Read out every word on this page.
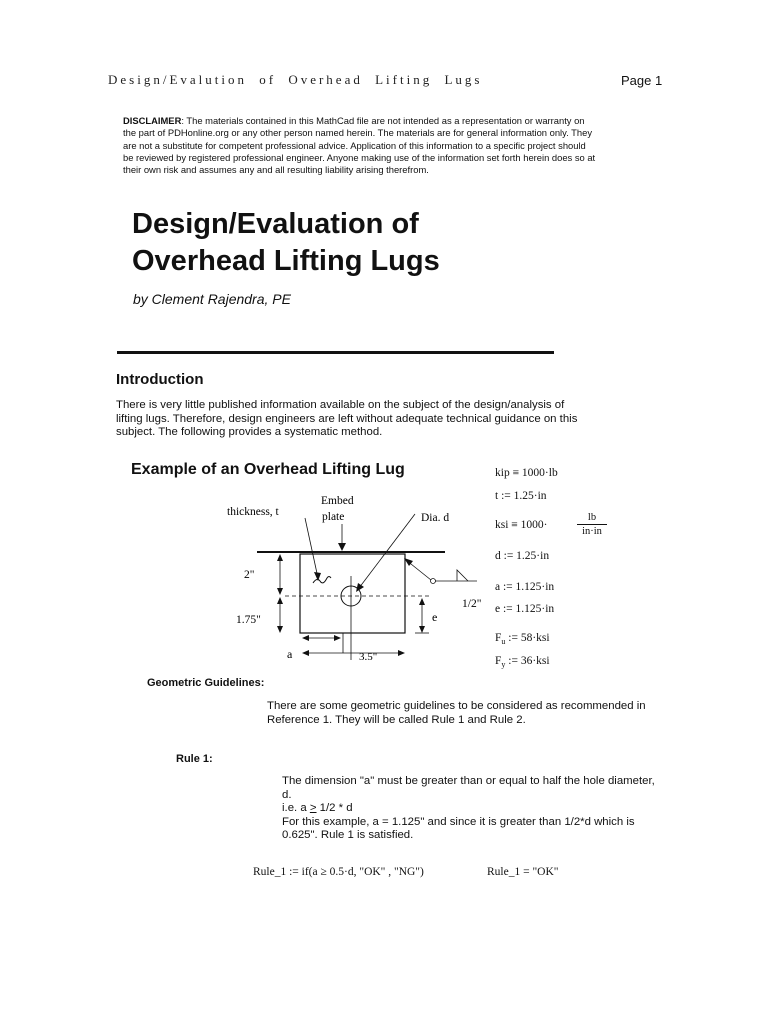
Design/Evalution of Overhead Lifting Lugs	Page 1
DISCLAIMER: The materials contained in this MathCad file are not intended as a representation or warranty on the part of PDHonline.org or any other person named herein. The materials are for general information only. They are not a substitute for competent professional advice. Application of this information to a specific project should be reviewed by registered professional engineer. Anyone making use of the information set forth herein does so at their own risk and assumes any and all resulting liability arising therefrom.
Design/Evaluation of
Overhead Lifting Lugs
by Clement Rajendra, PE
Introduction
There is very little published information available on the subject of the design/analysis of lifting lugs. Therefore, design engineers are left without adequate technical guidance on this subject. The following provides a systematic method.
Example of an Overhead Lifting Lug
thickness, t
Embed
plate	Dia. d
2"
1.75"
1/2"
e
a	3.5"
kip ≡ 1000·lb
t := 1.25·in
ksi ≡ 1000·	$\frac{lb}{in\cdot in}$
d := 1.25·in
a := 1.125·in
e := 1.125·in
$F_u$ := 58·ksi
$F_y$ := 36·ksi
Geometric Guidelines:
There are some geometric guidelines to be considered as recommended in Reference 1. They will be called Rule 1 and Rule 2.
Rule 1:
The dimension "a" must be greater than or equal to half the hole diameter, d.
i.e. a > 1/2 * d
For this example, a = 1.125" and since it is greater than 1/2*d which is 0.625". Rule 1 is satisfied.
Rule_1 := if(a ≥ 0.5·d, "OK" , "NG")	Rule_1 = "OK"
